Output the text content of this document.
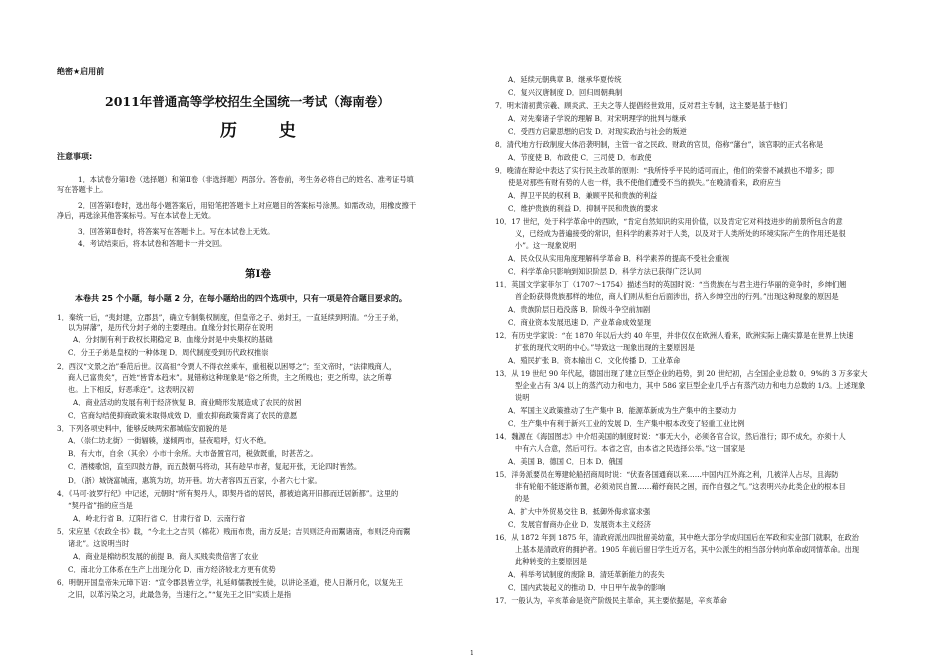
绝密★启用前
2011年普通高等学校招生全国统一考试（海南卷）
历 史
注意事项:
1．本试卷分第Ⅰ卷（选择题）和第Ⅱ卷（非选择题）两部分。答卷前，考生务必将自己的姓名、准考证号填
写在答题卡上。
2．回答第Ⅰ卷时，选出每小题答案后，用铅笔把答题卡上对应题目的答案标号涂黑。如需改动，用橡皮擦干
净后，再选涂其他答案标号。写在本试卷上无效。
3．回答第Ⅱ卷时，将答案写在答题卡上。写在本试卷上无效。
4．考试结束后，将本试卷和答题卡一并交回。
第Ⅰ卷
本卷共 25 个小题，每小题 2 分，在每小题给出的四个选项中，只有一项是符合题目要求的。
1．秦统一后，“夷封建，立郡县”，确立专制集权制度，但皇帝之子、弟封王，一直延续到明清。“分王子弟，
以为屏藩”，是历代分封子弟的主要理由。血缘分封长期存在说明
A．分封制有利于政权长期稳定 B．血缘分封是中央集权的基础
C．分王子弟是皇权的一种体现 D．周代制度受到历代政权推崇
2．西汉“文景之治”垂范后世。汉高祖“令贾人不得衣丝乘车，重租税以困辱之”；至文帝时，“法律贱商人，
商人已富贵矣”，百姓“皆背本趋末”。晁错称这种现象是“俗之所贵，主之所贱也；吏之所卑，法之所尊
也。上下相反，好恶乖迕”。这表明汉初
A．商业活动的发展有利于经济恢复 B．商业畸形发展造成了农民的贫困
C．官商勾结使抑商政策未取得成效 D．重农抑商政策背离了农民的意愿
3．下列各项史料中，能够反映两宋都城临安面貌的是
A．（崇仁坊北街）一街辐辏，遂倾两市，昼夜喧呼，灯火不绝。
B．有大市，自余（其余）小市十余所。大市备置官司，税敛既重，时甚苦之。
C．酒楼歌馆，直至四鼓方静，而五鼓朝马将动，其有趁早市者，复起开张，无论四时皆然。
D．（浙）城饶富城南，惠筑为坊，坊开巷。坊大者容四五百家，小者六七十家。
4．《马可·波罗行纪》中记述，元朝时“所有契丹人，即契丹省的居民，都被迫离开旧都而迁居新都”。这里的
“契丹省”指的应当是
A．岭北行省 B．辽阳行省 C．甘肃行省 D．云南行省
5．宋应星《农政全书》载，“今北土之吉贝（棉花）贱而布贵，南方反是；吉贝则泛舟而鬻诸南，布则泛舟而鬻
诸北”。这说明当时
A．商业是棉纺织发展的前提 B．商人买贱卖贵倍害了农业
C．南北分工体系在生产上出现分化 D．南方经济较北方更有优势
6．明朝开国皇帝朱元璋下诏：“宣令郡县皆立学，礼延师儒教授生徒，以讲论圣道，使人日渐月化，以复先王
之旧，以革污染之习，此最急务，当速行之。”“复先王之旧”实质上是指
A．延续元朝典章 B．继承华夏传统
C．复兴汉唐制度 D．回归周朝典制
7．明末清初黄宗羲、顾炎武、王夫之等人提倡经世致用，反对君主专制，这主要是基于他们
A．对先秦诸子学说的理解 B．对宋明理学的批判与继承
C．受西方启蒙思想的启发 D．对现实政治与社会的叛逆
8．清代地方行政制度大体沿袭明制，主管一省之民政、财政的官员，俗称“藩台”，该官职的正式名称是
A．节度使 B．布政使 C．三司使 D．布政使
9．晚清在辩论中表达了实行民主改革的原则：“我所恃乎平民的适可而止，他们的荣誉不减损也不增多；即
使是对那些有财有势的人也一样，我不使他们遭受不当的损失。”在晚清看来，政府应当
A．捍卫平民的权利 B．兼顾平民和贵族的利益
C．维护贵族的利益 D．抑制平民和贵族的要求
10．17 世纪，处于科学革命中的西欧，“肯定自然知识的实用价值，以及肯定它对科技进步的前景所包含的意
义，已经成为普遍接受的常识，但科学的素养对于人类，以及对于人类所处的环境实际产生的作用还是很
小”。这一现象说明
A．民众仅从实用角度理解科学革命 B．科学素养的提高不受社会重视
C．科学革命只影响到知识阶层 D．科学方法已获得广泛认同
11．英国文学家菲尔丁（1707～1754）描述当时的英国时说：“当贵族在与君主进行华丽的竞争时，乡绅们翘
首企盼获得贵族那样的地位，商人们则从柜台后面涉出，挤入乡绅空出的行列。”出现这种现象的原因是
A．贵族阶层日趋没落 B．阶级斗争空前加剧
C．商业资本发展迅速 D．产业革命成效显现
12．有历史学家说：“在 1870 年以后大约 40 年里，并非仅仅在欧洲人看来，欧洲实际上确实算是在世界上快速
扩张的现代文明的中心。”导致这一现象出现的主要原因是
A．殖民扩张 B．资本输出 C．文化传播 D．工业革命
13．从 19 世纪 90 年代起，德国出现了建立巨型企业的趋势，到 20 世纪初，占全国企业总数 0．9%的 3 万多家大
型企业占有 3/4 以上的蒸汽动力和电力，其中 586 家巨型企业几乎占有蒸汽动力和电力总数的 1/3。上述现象
说明
A．军国主义政策推动了生产集中 B．能源革新成为生产集中的主要动力
C．生产集中有利于新兴工业的发展 D．生产集中根本改变了轻重工业比例
14．魏源在《海国图志》中介绍美国的制度时说：“事无大小，必须各官合议，然后准行；即不成允，亦须十人
中有六人合意，然后可行。本省之官，由本省之民选择公举。”这一国家是
A．美国 B．德国 C．日本 D．俄国
15．洋务派要员在筹建轮船招商局时说：“伏查各国通商以来……中国内江外海之利，几被洋人占尽，且海防
非有轮船不能逐渐布置，必须劝民自置……藉纾商民之困，而作自强之气。”这表明兴办此类企业的根本目
的是
A．扩大中外贸易交往 B．抵御外侮求富求强
C．发展官督商办企业 D．发展资本主义经济
16．从 1872 年到 1875 年，清政府派出四批留美幼童，其中绝大部分学成归国后在军政和实业部门就职，在政治
上基本是清政府的拥护者。1905 年前后留日学生近万名，其中公派生的相当部分转向革命或同情革命。出现
此种转变的主要原因是
A．科举考试制度的废除 B．清廷革新能力的丧失
C．国内武装起义的推动 D．中日甲午战争的影响
17．一般认为，辛亥革命是资产阶级民主革命，其主要依据是，辛亥革命
1
